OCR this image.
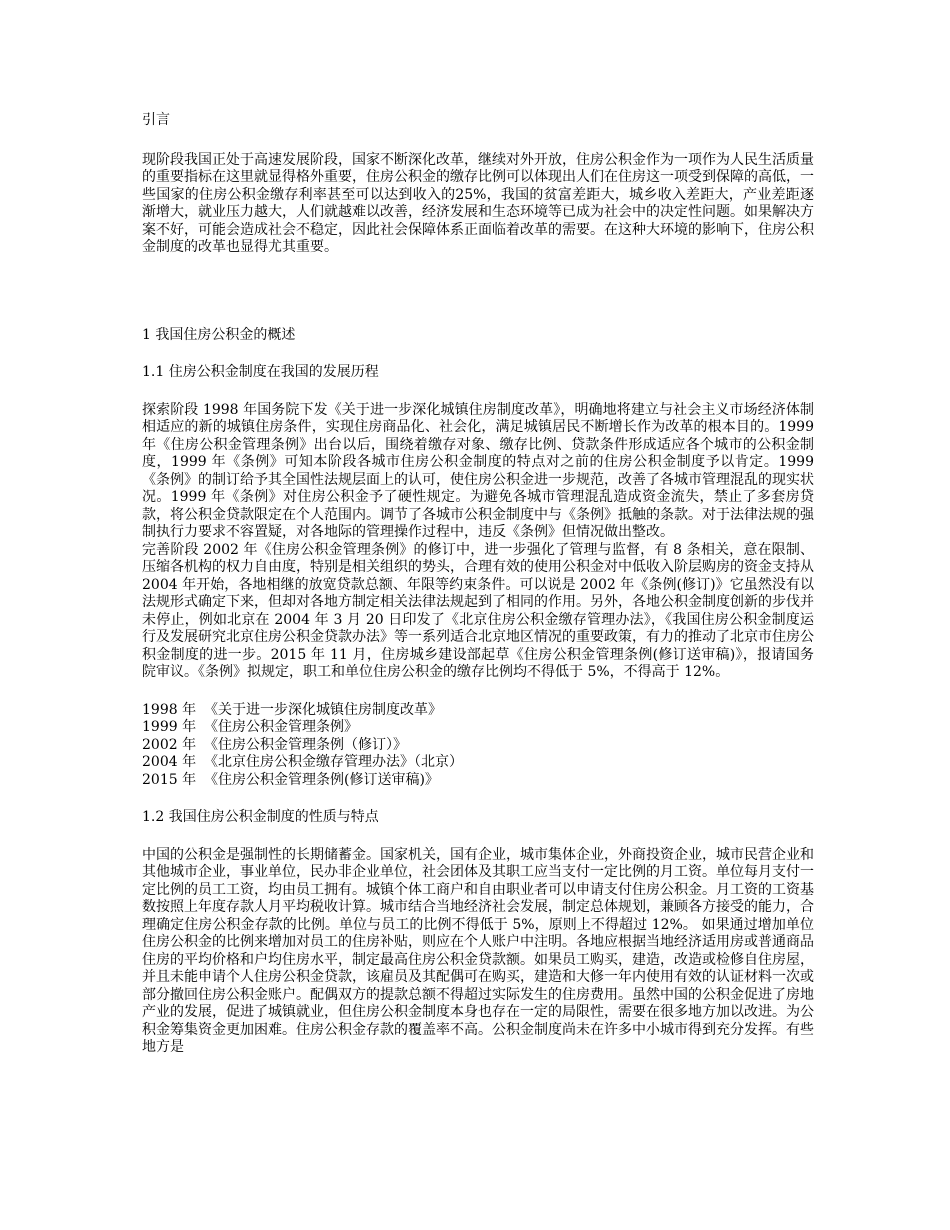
引言

现阶段我国正处于高速发展阶段，国家不断深化改革，继续对外开放，住房公积金作为一项作为人民生活质量的重要指标在这里就显得格外重要，住房公积金的缴存比例可以体现出人们在住房这一项受到保障的高低，一些国家的住房公积金缴存利率甚至可以达到收入的25%，我国的贫富差距大，城乡收入差距大，产业差距逐渐增大，就业压力越大，人们就越难以改善，经济发展和生态环境等已成为社会中的决定性问题。如果解决方案不好，可能会造成社会不稳定，因此社会保障体系正面临着改革的需要。在这种大环境的影响下，住房公积金制度的改革也显得尤其重要。

1 我国住房公积金的概述

1.1 住房公积金制度在我国的发展历程

探索阶段 1998 年国务院下发《关于进一步深化城镇住房制度改革》，明确地将建立与社会主义市场经济体制相适应的新的城镇住房条件，实现住房商品化、社会化，满足城镇居民不断增长作为改革的根本目的。1999 年《住房公积金管理条例》出台以后，围绕着缴存对象、缴存比例、贷款条件形成适应各个城市的公积金制度，1999 年《条例》可知本阶段各城市住房公积金制度的特点对之前的住房公积金制度予以肯定。1999《条例》的制订给予其全国性法规层面上的认可，使住房公积金进一步规范，改善了各城市管理混乱的现实状况。1999 年《条例》对住房公积金予了硬性规定。为避免各城市管理混乱造成资金流失，禁止了多套房贷款，将公积金贷款限定在个人范围内。调节了各城市公积金制度中与《条例》抵触的条款。对于法律法规的强制执行力要求不容置疑，对各地际的管理操作过程中，违反《条例》但情况做出整改。

完善阶段 2002 年《住房公积金管理条例》的修订中，进一步强化了管理与监督，有 8 条相关，意在限制、压缩各机构的权力自由度，特别是相关组织的势头，合理有效的使用公积金对中低收入阶层购房的资金支持从 2004 年开始，各地相继的放宽贷款总额、年限等约束条件。可以说是 2002 年《条例(修订)》它虽然没有以法规形式确定下来，但却对各地方制定相关法律法规起到了相同的作用。另外，各地公积金制度创新的步伐并未停止，例如北京在 2004 年 3 月 20 日印发了《北京住房公积金缴存管理办法》，《我国住房公积金制度运行及发展研究北京住房公积金贷款办法》等一系列适合北京地区情况的重要政策，有力的推动了北京市住房公积金制度的进一步。2015 年 11 月，住房城乡建设部起草《住房公积金管理条例(修订送审稿)》，报请国务院审议。《条例》拟规定，职工和单位住房公积金的缴存比例均不得低于 5%，不得高于 12%。

1998 年 《关于进一步深化城镇住房制度改革》
1999 年 《住房公积金管理条例》
2002 年 《住房公积金管理条例（修订）》
2004 年 《北京住房公积金缴存管理办法》（北京）
2015 年 《住房公积金管理条例(修订送审稿)》

1.2 我国住房公积金制度的性质与特点

中国的公积金是强制性的长期储蓄金。国家机关，国有企业，城市集体企业，外商投资企业，城市民营企业和其他城市企业，事业单位，民办非企业单位，社会团体及其职工应当支付一定比例的月工资。单位每月支付一定比例的员工工资，均由员工拥有。城镇个体工商户和自由职业者可以申请支付住房公积金。月工资的工资基数按照上年度存款人月平均税收计算。城市结合当地经济社会发展，制定总体规划，兼顾各方接受的能力，合理确定住房公积金存款的比例。单位与员工的比例不得低于 5%，原则上不得超过 12%。 如果通过增加单位住房公积金的比例来增加对员工的住房补贴，则应在个人账户中注明。各地应根据当地经济适用房或普通商品住房的平均价格和户均住房水平，制定最高住房公积金贷款额。如果员工购买，建造，改造或检修自住房屋，并且未能申请个人住房公积金贷款，该雇员及其配偶可在购买，建造和大修一年内使用有效的认证材料一次或部分撤回住房公积金账户。配偶双方的提款总额不得超过实际发生的住房费用。虽然中国的公积金促进了房地产业的发展，促进了城镇就业，但住房公积金制度本身也存在一定的局限性，需要在很多地方加以改进。为公积金筹集资金更加困难。住房公积金存款的覆盖率不高。公积金制度尚未在许多中小城市得到充分发挥。有些地方是
